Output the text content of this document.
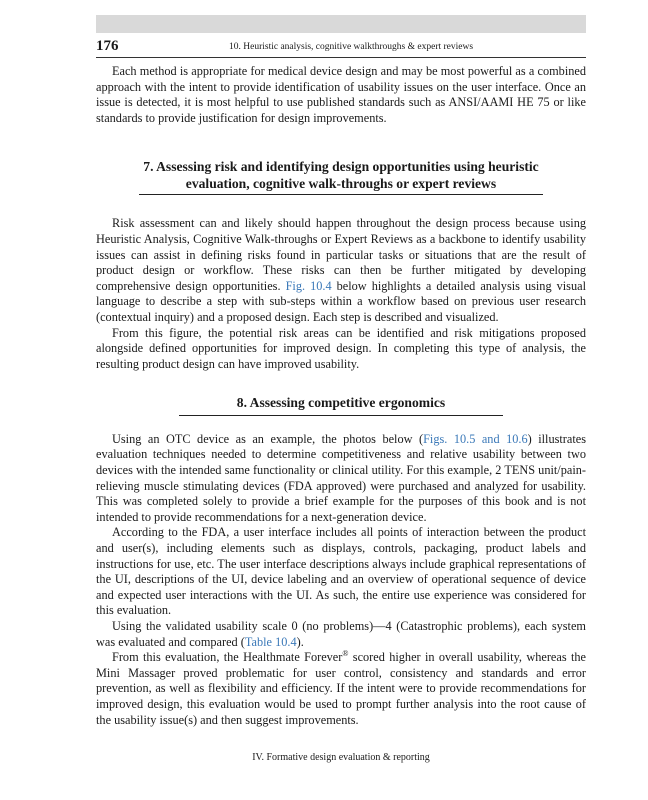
176	10. Heuristic analysis, cognitive walkthroughs & expert reviews

Each method is appropriate for medical device design and may be most powerful as a combined approach with the intent to provide identification of usability issues on the user interface. Once an issue is detected, it is most helpful to use published standards such as ANSI/AAMI HE 75 or like standards to provide justification for design improvements.

7. Assessing risk and identifying design opportunities using heuristic
evaluation, cognitive walk-throughs or expert reviews

Risk assessment can and likely should happen throughout the design process because using Heuristic Analysis, Cognitive Walk-throughs or Expert Reviews as a backbone to identify usability issues can assist in defining risks found in particular tasks or situations that are the result of product design or workflow. These risks can then be further mitigated by developing comprehensive design opportunities. Fig. 10.4 below highlights a detailed analysis using visual language to describe a step with sub-steps within a workflow based on previous user research (contextual inquiry) and a proposed design. Each step is described and visualized.

From this figure, the potential risk areas can be identified and risk mitigations proposed alongside defined opportunities for improved design. In completing this type of analysis, the resulting product design can have improved usability.

8. Assessing competitive ergonomics

Using an OTC device as an example, the photos below (Figs. 10.5 and 10.6) illustrates evaluation techniques needed to determine competitiveness and relative usability between two devices with the intended same functionality or clinical utility. For this example, 2 TENS unit/pain-relieving muscle stimulating devices (FDA approved) were purchased and analyzed for usability. This was completed solely to provide a brief example for the purposes of this book and is not intended to provide recommendations for a next-generation device.

According to the FDA, a user interface includes all points of interaction between the product and user(s), including elements such as displays, controls, packaging, product labels and instructions for use, etc. The user interface descriptions always include graphical representations of the UI, descriptions of the UI, device labeling and an overview of operational sequence of device and expected user interactions with the UI. As such, the entire use experience was considered for this evaluation.

Using the validated usability scale 0 (no problems)—4 (Catastrophic problems), each system was evaluated and compared (Table 10.4).

From this evaluation, the Healthmate Forever® scored higher in overall usability, whereas the Mini Massager proved problematic for user control, consistency and standards and error prevention, as well as flexibility and efficiency. If the intent were to provide recommendations for improved design, this evaluation would be used to prompt further analysis into the root cause of the usability issue(s) and then suggest improvements.

IV. Formative design evaluation & reporting
